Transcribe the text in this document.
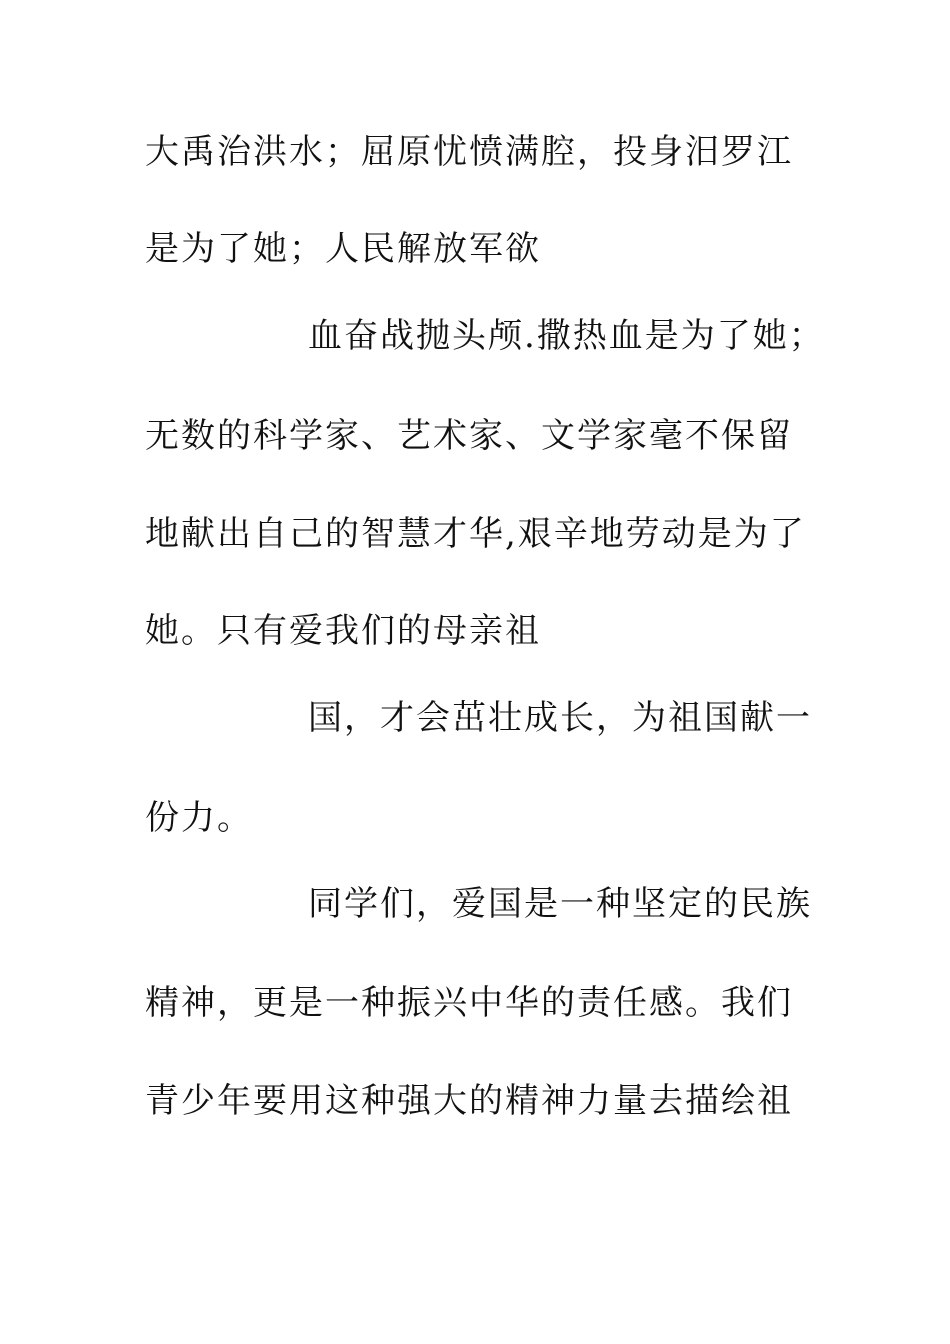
大禹治洪水；屈原忧愤满腔，投身汨罗江
是为了她；人民解放军欲
血奋战抛头颅.撒热血是为了她；
无数的科学家、艺术家、文学家毫不保留
地献出自己的智慧才华,艰辛地劳动是为了
她。只有爱我们的母亲祖
国，才会茁壮成长，为祖国献一
份力。
同学们，爱国是一种坚定的民族
精神，更是一种振兴中华的责任感。我们
青少年要用这种强大的精神力量去描绘祖
